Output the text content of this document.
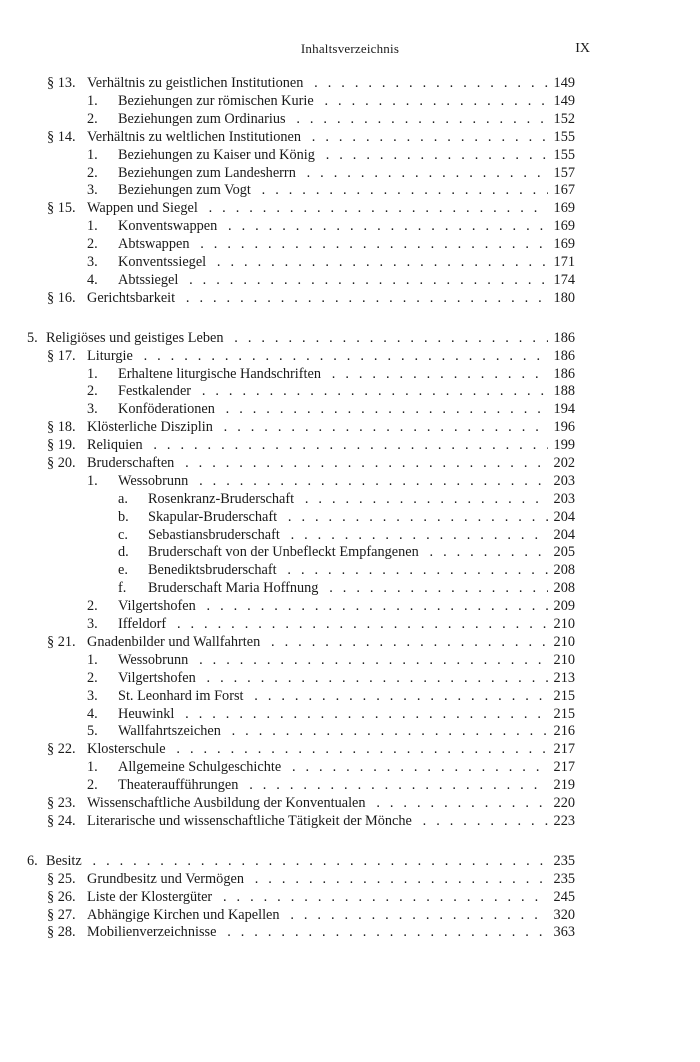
Inhaltsverzeichnis	IX
§ 13. Verhältnis zu geistlichen Institutionen . . .	149
1. Beziehungen zur römischen Kurie . . .	149
2. Beziehungen zum Ordinarius . . .	152
§ 14. Verhältnis zu weltlichen Institutionen . . .	155
1. Beziehungen zu Kaiser und König . . .	155
2. Beziehungen zum Landesherrn . . .	157
3. Beziehungen zum Vogt . . .	167
§ 15. Wappen und Siegel . . .	169
1. Konventswappen . . .	169
2. Abtswappen . . .	169
3. Konventssiegel . . .	171
4. Abtssiegel . . .	174
§ 16. Gerichtsbarkeit . . .	180
5. Religiöses und geistiges Leben . . .	186
§ 17. Liturgie . . .	186
1. Erhaltene liturgische Handschriften . . .	186
2. Festkalender . . .	188
3. Konföderationen . . .	194
§ 18. Klösterliche Disziplin . . .	196
§ 19. Reliquien . . .	199
§ 20. Bruderschaften . . .	202
1. Wessobrunn . . .	203
a. Rosenkranz-Bruderschaft . . .	203
b. Skapular-Bruderschaft . . .	204
c. Sebastiansbruderschaft . . .	204
d. Bruderschaft von der Unbefleckt Empfangenen . . .	205
e. Benediktsbruderschaft . . .	208
f. Bruderschaft Maria Hoffnung . . .	208
2. Vilgertshofen . . .	209
3. Iffeldorf . . .	210
§ 21. Gnadenbilder und Wallfahrten . . .	210
1. Wessobrunn . . .	210
2. Vilgertshofen . . .	213
3. St. Leonhard im Forst . . .	215
4. Heuwinkl . . .	215
5. Wallfahrtszeichen . . .	216
§ 22. Klosterschule . . .	217
1. Allgemeine Schulgeschichte . . .	217
2. Theateraufführungen . . .	219
§ 23. Wissenschaftliche Ausbildung der Konventualen . . .	220
§ 24. Literarische und wissenschaftliche Tätigkeit der Mönche . . .	223
6. Besitz . . .	235
§ 25. Grundbesitz und Vermögen . . .	235
§ 26. Liste der Klostergüter . . .	245
§ 27. Abhängige Kirchen und Kapellen . . .	320
§ 28. Mobilienverzeichnisse . . .	363
